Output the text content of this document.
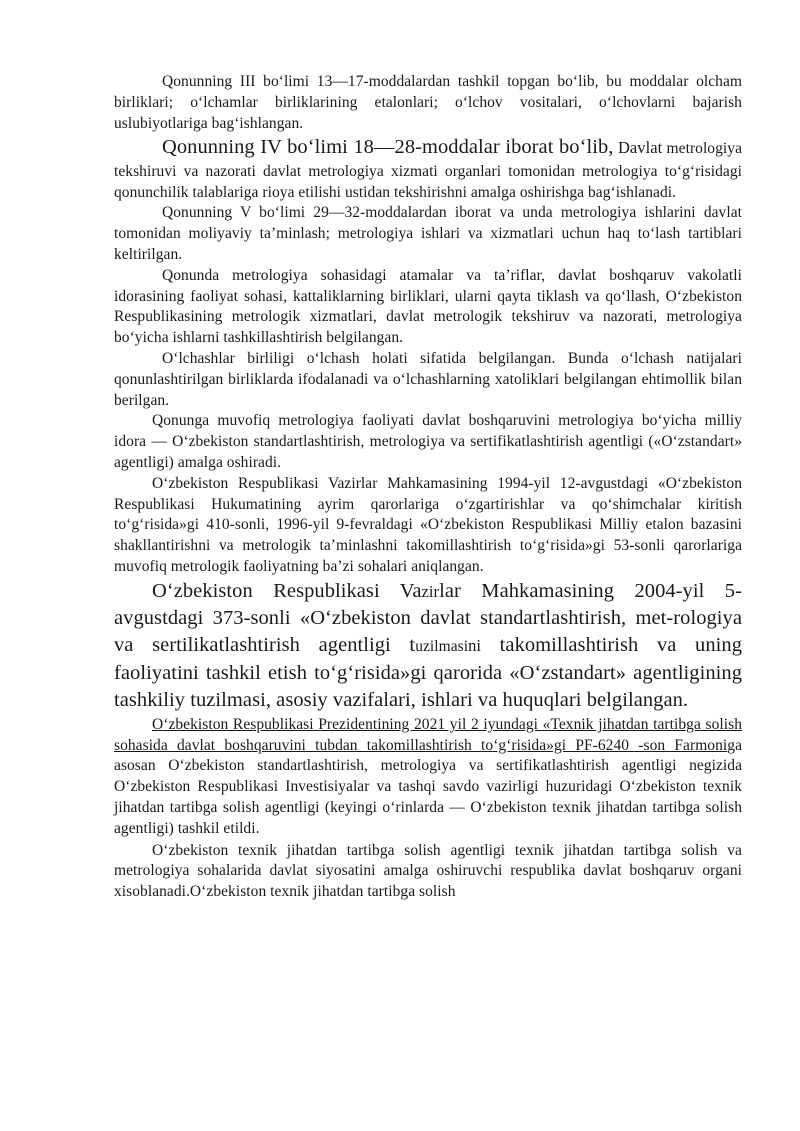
Qonunning III bo‘limi 13—17-moddalardan tashkil topgan bo‘lib, bu moddalar olcham birliklari; o‘lchamlar birliklarining etalonlari; o‘lchov vositalari, o‘lchovlarni bajarish uslubiyotlariga bag‘ishlangan.

Qonunning IV bo‘limi 18—28-moddalar iborat bo‘lib, Davlat metrologiya tekshiruvi va nazorati davlat metrologiya xizmati organlari tomonidan metrologiya to‘g‘risidagi qonunchilik talablariga rioya etilishi ustidan tekshirishni amalga oshirishga bag‘ishlanadi.

Qonunning V bo‘limi 29—32-moddalardan iborat va unda metrologiya ishlarini davlat tomonidan moliyaviy ta’minlash; metrologiya ishlari va xizmatlari uchun haq to‘lash tartiblari keltirilgan.

Qonunda metrologiya sohasidagi atamalar va ta’riflar, davlat boshqaruv vakolatli idorasining faoliyat sohasi, kattaliklarning birliklari, ularni qayta tiklash va qo‘llash, O‘zbekiston Respublikasining metrologik xizmatlari, davlat metrologik tekshiruv va nazorati, metrologiya bo‘yicha ishlarni tashkillashtirish belgilangan.

O‘lchashlar birliligi o‘lchash holati sifatida belgilangan. Bunda o‘lchash natijalari qonunlashtirilgan birliklarda ifodalanadi va o‘lchashlarning xatoliklari belgilangan ehtimollik bilan berilgan.

Qonunga muvofiq metrologiya faoliyati davlat boshqaruvini metrologiya bo‘yicha milliy idora — O‘zbekiston standartlashtirish, metrologiya va sertifikatlashtirish agentligi («O‘zstandart» agentligi) amalga oshiradi.

O‘zbekiston Respublikasi Vazirlar Mahkamasining 1994-yil 12-avgustdagi «O‘zbekiston Respublikasi Hukumatining ayrim qarorlariga o‘zgartirishlar va qo‘shimchalar kiritish to‘g‘risida»gi 410-sonli, 1996-yil 9-fevraldagi «O‘zbekiston Respublikasi Milliy etalon bazasini shakllantirishni va metrologik ta’minlashni takomillashtirish to‘g‘risida»gi 53-sonli qarorlariga muvofiq metrologik faoliyatning ba’zi sohalari aniqlangan.

O‘zbekiston Respublikasi Vazirlar Mahkamasining 2004-yil 5-avgustdagi 373-sonli «O‘zbekiston davlat standartlashtirish, met-rologiya va sertilikatlashtirish agentligi tuzilmasini takomillashtirish va uning faoliyatini tashkil etish to‘g‘risida»gi qarorida «O‘zstandart» agentligining tashkiliy tuzilmasi, asosiy vazifalari, ishlari va huquqlari belgilangan.

O‘zbekiston Respublikasi Prezidentining 2021 yil 2 iyundagi «Texnik jihatdan tartibga solish sohasida davlat boshqaruvini tubdan takomillashtirish to‘g‘risida»gi PF-6240 -son Farmoniga asosan O‘zbekiston standartlashtirish, metrologiya va sertifikatlashtirish agentligi negizida O‘zbekiston Respublikasi Investisiyalar va tashqi savdo vazirligi huzuridagi O‘zbekiston texnik jihatdan tartibga solish agentligi (keyingi o‘rinlarda — O‘zbekiston texnik jihatdan tartibga solish agentligi) tashkil etildi.

O‘zbekiston texnik jihatdan tartibga solish agentligi texnik jihatdan tartibga solish va metrologiya sohalarida davlat siyosatini amalga oshiruvchi respublika davlat boshqaruv organi xisoblanadi.O‘zbekiston texnik jihatdan tartibga solish
